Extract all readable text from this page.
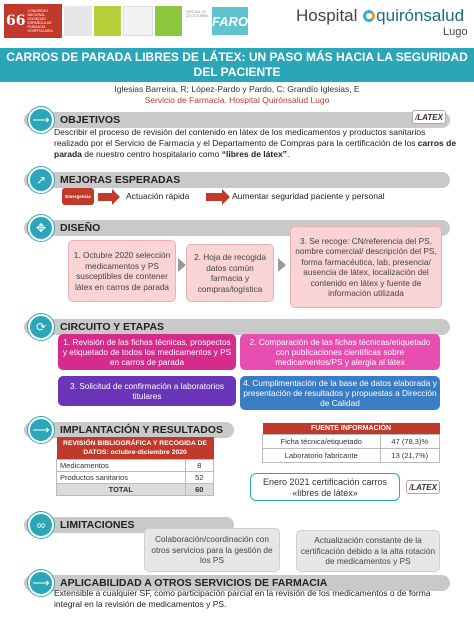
66
CONGRESO NACIONAL SOCIEDAD ESPAÑOLA DE FARMACIA HOSPITALARIA
VIRTUAL 19-22 OCTUBRE FARO	Hospital quirónsalud
Lugo
CARROS DE PARADA LIBRES DE LÁTEX: UN PASO MÁS HACIA LA SEGURIDAD DEL PACIENTE
Iglesias Barreira, R; López-Pardo y Pardo, C; Grandío Iglesias, E
Servicio de Farmacia. Hospital Quirónsalud Lugo
OBJETIVOS
⟶	/ LATEX
Describir el proceso de revisión del contenido en látex de los medicamentos y productos sanitarios realizado por el Servicio de Farmacia y el Departamento de Compras para la certificación de los carros de parada de nuestro centro hospitalario como “libres de látex”.
MEJORAS ESPERADAS
↗
Emergencia	Actuación rápida	Aumentar seguridad paciente y personal
DISEÑO
✥
1. Octubre 2020 selección medicamentos y PS susceptibles de contener látex en carros de parada
2. Hoja de recogida datos común farmacia y compras/logística
3. Se recoge: CN/referencia del PS, nombre comercial/ descripción del PS, forma farmacéutica, lab, presencia/ ausencia de látex, localización del contenido en látex y fuente de información utilizada
CIRCUITO Y ETAPAS
⟳
1. Revisión de las fichas técnicas, prospectos y etiquetado de todos los medicamentos y PS en carros de parada
2. Comparación de las fichas técnicas/etiquetado con publicaciones científicas sobre medicamentos/PS y alergia al látex
3. Solicitud de confirmación a laboratorios titulares
4. Cumplimentación de la base de datos elaborada y presentación de resultados y propuestas a Dirección de Calidad
IMPLANTACIÓN Y RESULTADOS
⟶
REVISIÓN BIBLIOGRÁFICA Y RECOGIDA DE DATOS: octubre-diciembre 2020	
Medicamentos	8
Productos sanitarios	52
TOTAL	60
FUENTE INFORMACIÓN	
Ficha técnica/etiquetado	47 (78,3)%
Laboratorio fabricante	13 (21,7%)
Enero 2021 certificación carros «libres de látex»
/ LATEX
LIMITACIONES
∞
Colaboración/coordinación con otros servicios para la gestión de los PS
Actualización constante de la certificación debido a la alta rotación de medicamentos y PS
APLICABILIDAD A OTROS SERVICIOS DE FARMACIA
⟶
Extensible a cualquier SF, como participación parcial en la revisión de los medicamentos o de forma integral en la revisión de medicamentos y PS.
